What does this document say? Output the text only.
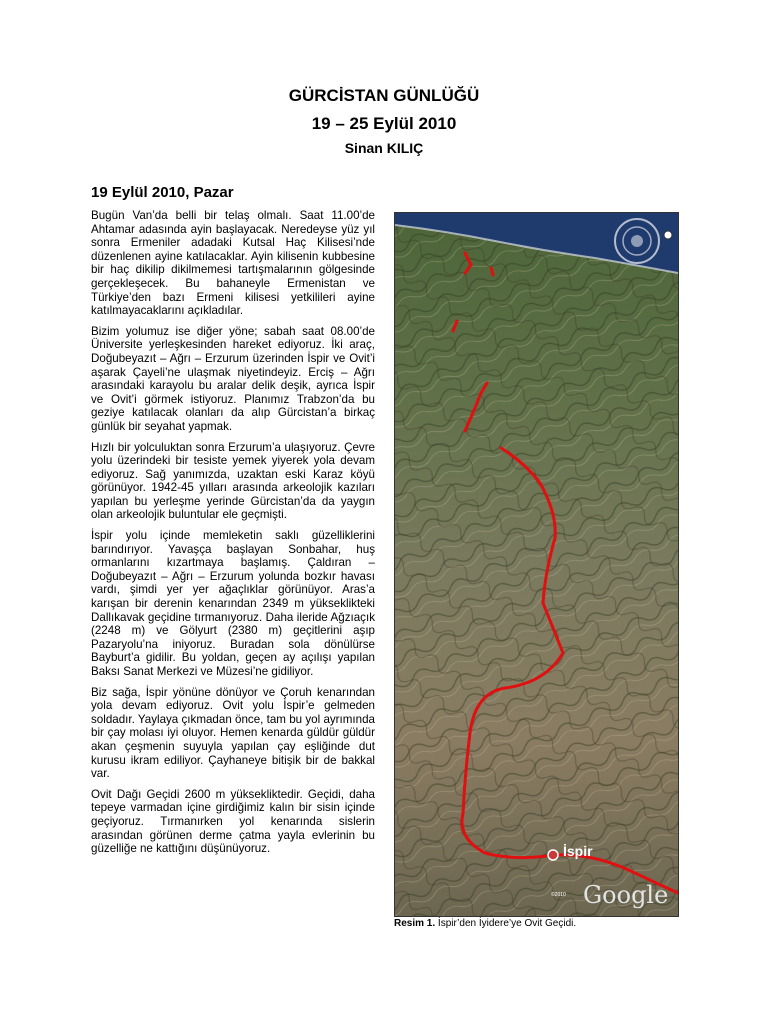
GÜRCİSTAN GÜNLÜĞÜ
19 – 25 Eylül 2010
Sinan KILIÇ
19 Eylül 2010, Pazar

Bugün Van’da belli bir telaş olmalı. Saat 11.00’de Ahtamar adasında ayin başlayacak. Neredeyse yüz yıl sonra Ermeniler adadaki Kutsal Haç Kilisesi’nde düzenlenen ayine katılacaklar. Ayin kilisenin kubbesine bir haç dikilip dikilmemesi tartışmalarının gölgesinde gerçekleşecek. Bu bahaneyle Ermenistan ve Türkiye’den bazı Ermeni kilisesi yetkilileri ayine katılmayacaklarını açıkladılar.

Bizim yolumuz ise diğer yöne; sabah saat 08.00’de Üniversite yerleşkesinden hareket ediyoruz. İki araç, Doğubeyazıt – Ağrı – Erzurum üzerinden İspir ve Ovit’i aşarak Çayeli’ne ulaşmak niyetindeyiz. Erciş – Ağrı arasındaki karayolu bu aralar delik deşik, ayrıca İspir ve Ovit’i görmek istiyoruz. Planımız Trabzon’da bu geziye katılacak olanları da alıp Gürcistan’a birkaç günlük bir seyahat yapmak.

Hızlı bir yolculuktan sonra Erzurum’a ulaşıyoruz. Çevre yolu üzerindeki bir tesiste yemek yiyerek yola devam ediyoruz. Sağ yanımızda, uzaktan eski Karaz köyü görünüyor. 1942-45 yılları arasında arkeolojik kazıları yapılan bu yerleşme yerinde Gürcistan’da da yaygın olan arkeolojik buluntular ele geçmişti.

İspir yolu içinde memleketin saklı güzelliklerini barındırıyor. Yavaşça başlayan Sonbahar, huş ormanlarını kızartmaya başlamış. Çaldıran – Doğubeyazıt – Ağrı – Erzurum yolunda bozkır havası vardı, şimdi yer yer ağaçlıklar görünüyor. Aras’a karışan bir derenin kenarından 2349 m yükseklikteki Dallıkavak geçidine tırmanıyoruz. Daha ileride Ağzıaçık (2248 m) ve Gölyurt (2380 m) geçitlerini aşıp Pazaryolu’na iniyoruz. Buradan sola dönülürse Bayburt’a gidilir. Bu yoldan, geçen ay açılışı yapılan Baksı Sanat Merkezi ve Müzesi’ne gidiliyor.

Biz sağa, İspir yönüne dönüyor ve Çoruh kenarından yola devam ediyoruz. Ovit yolu İspir’e gelmeden soldadır. Yaylaya çıkmadan önce, tam bu yol ayrımında bir çay molası iyi oluyor. Hemen kenarda güldür güldür akan çeşmenin suyuyla yapılan çay eşliğinde dut kurusu ikram ediliyor. Çayhaneye bitişik bir de bakkal var.

Ovit Dağı Geçidi 2600 m yüksekliktedir. Geçidi, daha tepeye varmadan içine girdiğimiz kalın bir sisin içinde geçiyoruz. Tırmanırken yol kenarında sislerin arasından görünen derme çatma yayla evlerinin bu güzelliğe ne kattığını düşünüyoruz.	İspir
©2010 Google
Resim 1. İspir’den İyidere’ye Ovit Geçidi.
